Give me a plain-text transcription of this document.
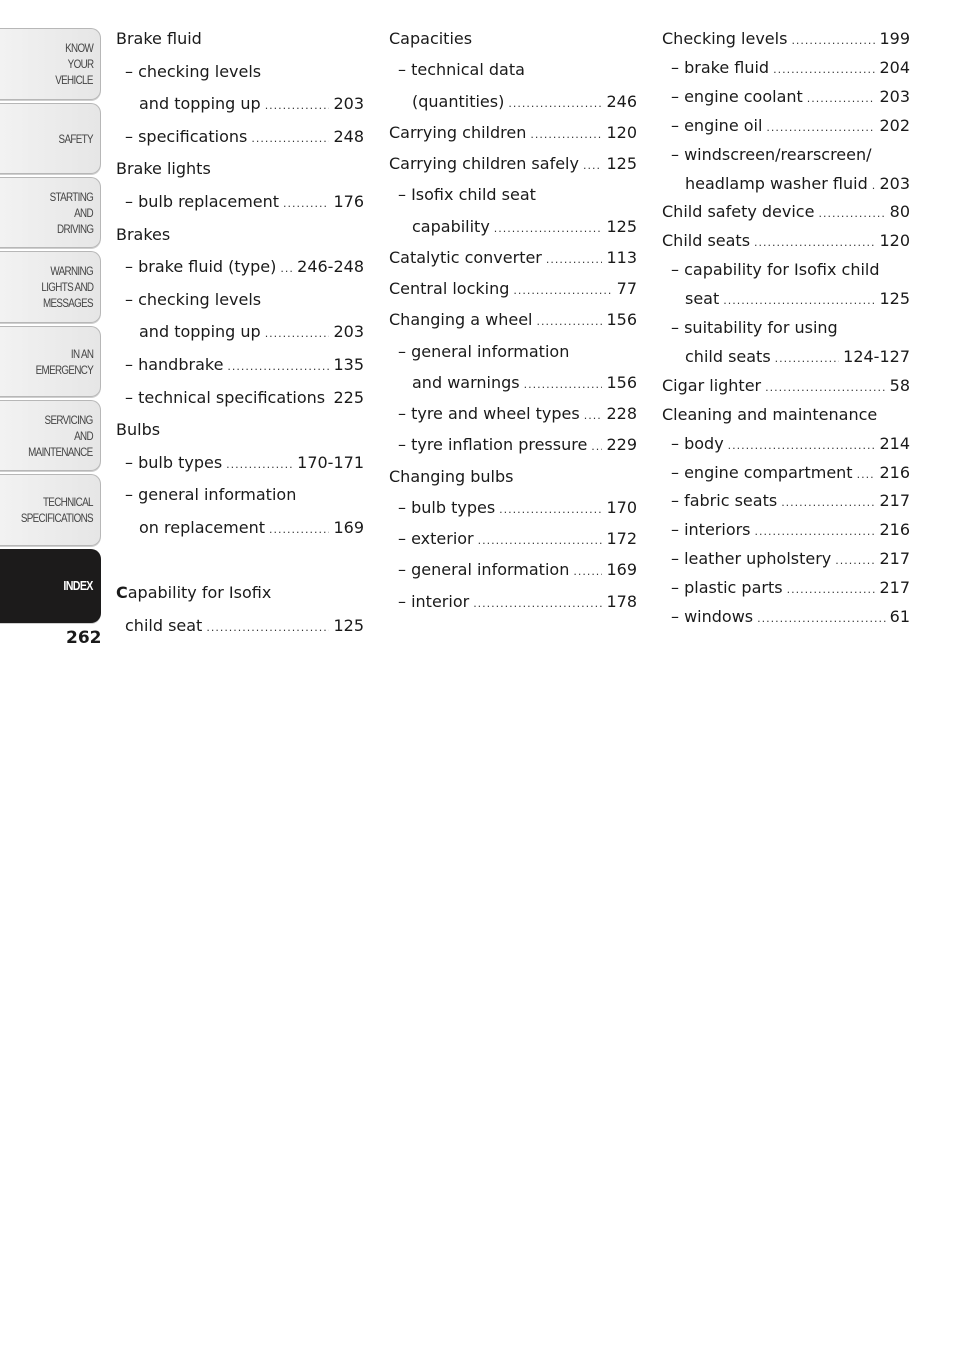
KNOW
YOUR
VEHICLE
SAFETY
STARTING
AND
DRIVING
WARNING
LIGHTS AND
MESSAGES
IN AN
EMERGENCY
SERVICING
AND
MAINTENANCE
TECHNICAL
SPECIFICATIONS
INDEX
262
Brake fluid
– checking levels
and topping up .....	203
– specifications .....	248
Brake lights
– bulb replacement .....	176
Brakes
– brake fluid (type) ..... 246-248
– checking levels
and topping up .....	203
– handbrake .....	135
– technical specifications ..... 225
Bulbs
– bulb types .....	170-171
– general information
on replacement .....	169
Capability for Isofix
child seat .....	125
Capacities
– technical data
(quantities) .....	246
Carrying children .....	120
Carrying children safely ..... 125
– Isofix child seat
capability .....	125
Catalytic converter .....	113
Central locking .....	77
Changing a wheel .....	156
– general information
and warnings .....	156
– tyre and wheel types ..... 228
– tyre inflation pressure ..... 229
Changing bulbs
– bulb types .....	170
– exterior .....	172
– general information ..... 169
– interior .....	178
Checking levels .....	199
– brake fluid .....	204
– engine coolant .....	203
– engine oil .....	202
– windscreen/rearscreen/
headlamp washer fluid ..... 203
Child safety device .....	80
Child seats .....	120
– capability for Isofix child
seat .....	125
– suitability for using
child seats .....	124-127
Cigar lighter .....	58
Cleaning and maintenance
– body .....	214
– engine compartment ..... 216
– fabric seats .....	217
– interiors .....	216
– leather upholstery .....	217
– plastic parts .....	217
– windows .....	61
